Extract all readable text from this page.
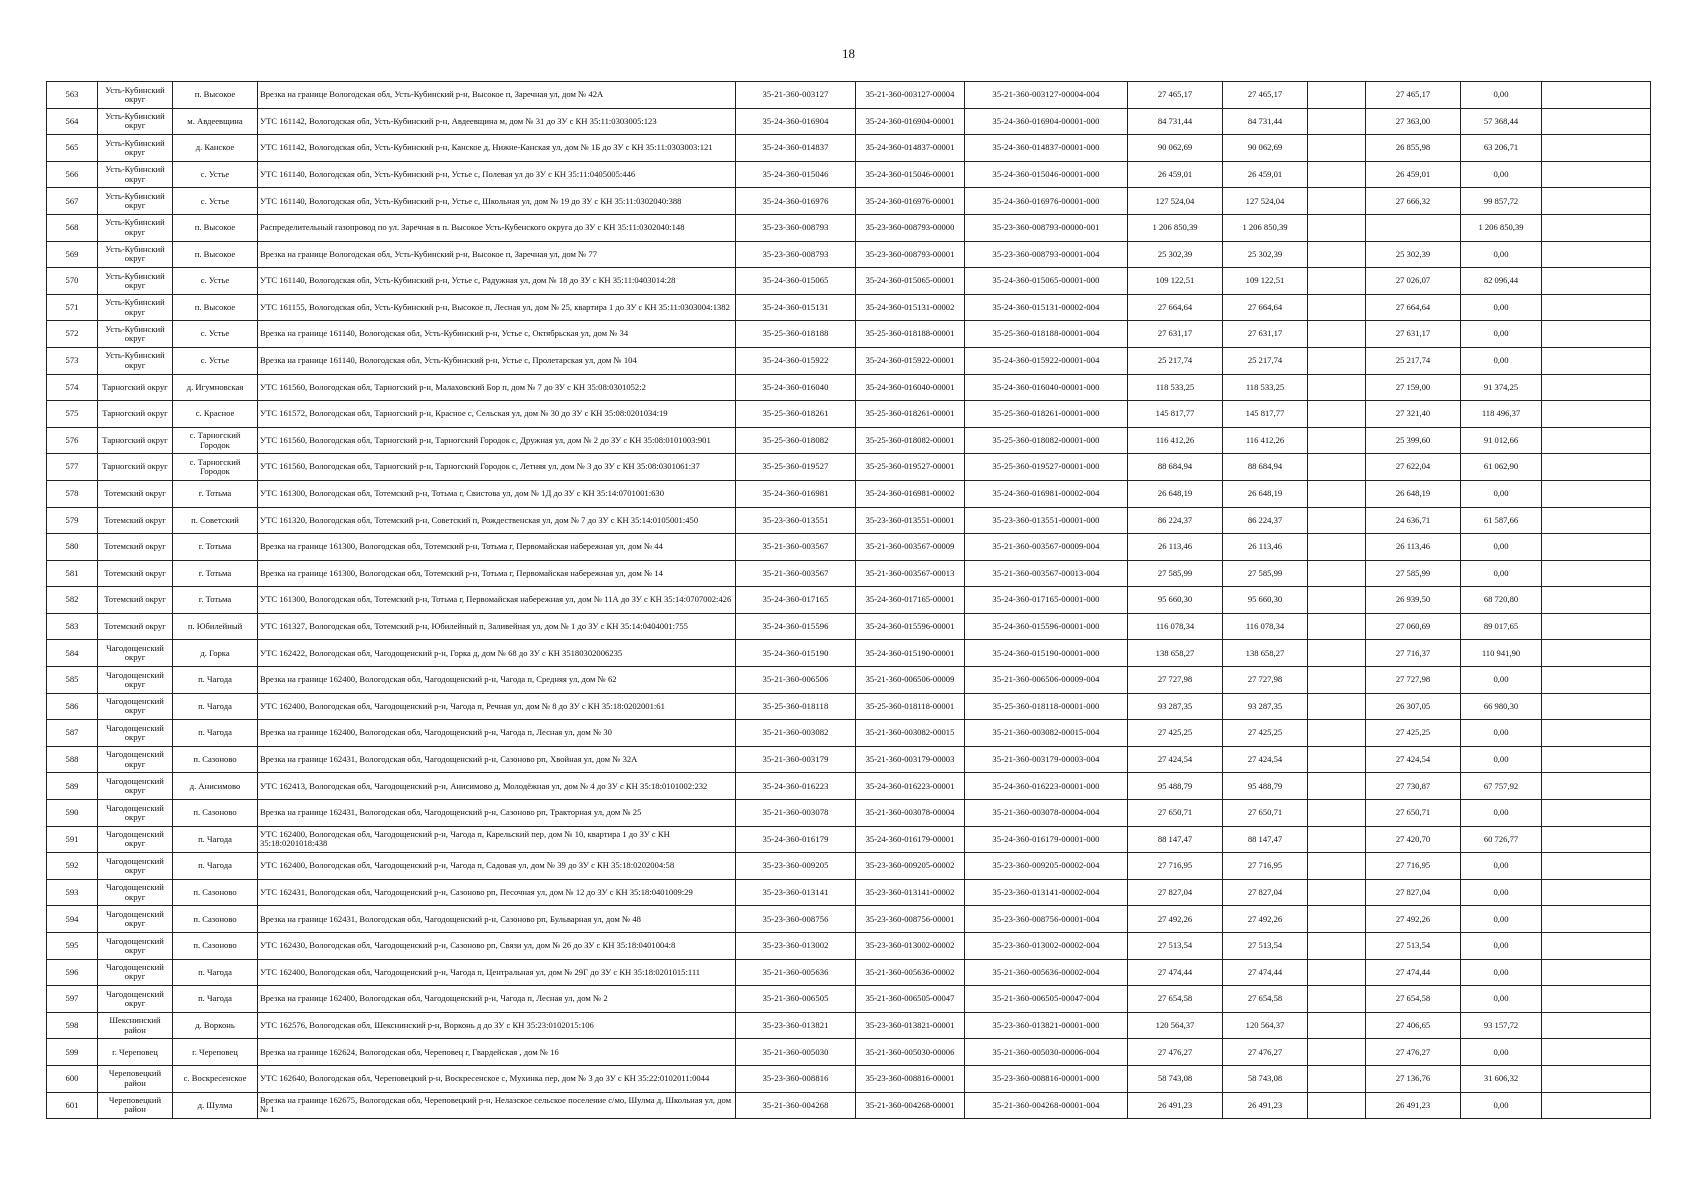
18
563	Усть-Кубинский округ	п. Высокое	Врезка на границе Вологодская обл, Усть-Кубинский р-н, Высокое п, Заречная ул, дом № 42А	35-21-360-003127	35-21-360-003127-00004	35-21-360-003127-00004-004	27 465,17	27 465,17		27 465,17	0,00	
564	Усть-Кубинский округ	м. Авдеевщина	УТС 161142, Вологодская обл, Усть-Кубинский р-н, Авдеевщина м, дом № 31 до ЗУ с КН 35:11:0303005:123	35-24-360-016904	35-24-360-016904-00001	35-24-360-016904-00001-000	84 731,44	84 731,44		27 363,00	57 368,44	
565	Усть-Кубинский округ	д. Канское	УТС 161142, Вологодская обл, Усть-Кубинский р-н, Канское д, Нижне-Канская ул, дом № 1Б до ЗУ с КН 35:11:0303003:121	35-24-360-014837	35-24-360-014837-00001	35-24-360-014837-00001-000	90 062,69	90 062,69		26 855,98	63 206,71	
566	Усть-Кубинский округ	с. Устье	УТС 161140, Вологодская обл, Усть-Кубинский р-н, Устье с, Полевая ул до ЗУ с КН 35:11:0405005:446	35-24-360-015046	35-24-360-015046-00001	35-24-360-015046-00001-000	26 459,01	26 459,01		26 459,01	0,00	
567	Усть-Кубинский округ	с. Устье	УТС 161140, Вологодская обл, Усть-Кубинский р-н, Устье с, Школьная ул, дом № 19 до ЗУ с КН 35:11:0302040:388	35-24-360-016976	35-24-360-016976-00001	35-24-360-016976-00001-000	127 524,04	127 524,04		27 666,32	99 857,72	
568	Усть-Кубинский округ	п. Высокое	Распределительный газопровод по ул. Заречная в п. Высокое Усть-Кубенского округа до ЗУ с КН 35:11:0302040:148	35-23-360-008793	35-23-360-008793-00000	35-23-360-008793-00000-001	1 206 850,39	1 206 850,39			1 206 850,39	
569	Усть-Кубинский округ	п. Высокое	Врезка на границе Вологодская обл, Усть-Кубинский р-н, Высокое п, Заречная ул, дом № 77	35-23-360-008793	35-23-360-008793-00001	35-23-360-008793-00001-004	25 302,39	25 302,39		25 302,39	0,00	
570	Усть-Кубинский округ	с. Устье	УТС 161140, Вологодская обл, Усть-Кубинский р-н, Устье с, Радужная ул, дом № 18 до ЗУ с КН 35:11:0403014:28	35-24-360-015065	35-24-360-015065-00001	35-24-360-015065-00001-000	109 122,51	109 122,51		27 026,07	82 096,44	
571	Усть-Кубинский округ	п. Высокое	УТС 161155, Вологодская обл, Усть-Кубинский р-н, Высокое п, Лесная ул, дом № 25, квартира 1 до ЗУ с КН 35:11:0303004:1382	35-24-360-015131	35-24-360-015131-00002	35-24-360-015131-00002-004	27 664,64	27 664,64		27 664,64	0,00	
572	Усть-Кубинский округ	с. Устье	Врезка на границе 161140, Вологодская обл, Усть-Кубинский р-н, Устье с, Октябрьская ул, дом № 34	35-25-360-018188	35-25-360-018188-00001	35-25-360-018188-00001-004	27 631,17	27 631,17		27 631,17	0,00	
573	Усть-Кубинский округ	с. Устье	Врезка на границе 161140, Вологодская обл, Усть-Кубинский р-н, Устье с, Пролетарская ул, дом № 104	35-24-360-015922	35-24-360-015922-00001	35-24-360-015922-00001-004	25 217,74	25 217,74		25 217,74	0,00	
574	Тарногский округ	д. Игумновская	УТС 161560, Вологодская обл, Тарногский р-н, Малаховский Бор п, дом № 7 до ЗУ с КН 35:08:0301052:2	35-24-360-016040	35-24-360-016040-00001	35-24-360-016040-00001-000	118 533,25	118 533,25		27 159,00	91 374,25	
575	Тарногский округ	с. Красное	УТС 161572, Вологодская обл, Тарногский р-н, Красное с, Сельская ул, дом № 30 до ЗУ с КН 35:08:0201034:19	35-25-360-018261	35-25-360-018261-00001	35-25-360-018261-00001-000	145 817,77	145 817,77		27 321,40	118 496,37	
576	Тарногский округ	с. Тарногский Городок	УТС 161560, Вологодская обл, Тарногский р-н, Тарногский Городок с, Дружная ул, дом № 2 до ЗУ с КН 35:08:0101003:901	35-25-360-018082	35-25-360-018082-00001	35-25-360-018082-00001-000	116 412,26	116 412,26		25 399,60	91 012,66	
577	Тарногский округ	с. Тарногский Городок	УТС 161560, Вологодская обл, Тарногский р-н, Тарногский Городок с, Летняя ул, дом № 3 до ЗУ с КН 35:08:0301061:37	35-25-360-019527	35-25-360-019527-00001	35-25-360-019527-00001-000	88 684,94	88 684,94		27 622,04	61 062,90	
578	Тотемский округ	г. Тотьма	УТС 161300, Вологодская обл, Тотемский р-н, Тотьма г, Свистова ул, дом № 1Д до ЗУ с КН 35:14:0701001:630	35-24-360-016981	35-24-360-016981-00002	35-24-360-016981-00002-004	26 648,19	26 648,19		26 648,19	0,00	
579	Тотемский округ	п. Советский	УТС 161320, Вологодская обл, Тотемский р-н, Советский п, Рождественская ул, дом № 7 до ЗУ с КН 35:14:0105001:450	35-23-360-013551	35-23-360-013551-00001	35-23-360-013551-00001-000	86 224,37	86 224,37		24 636,71	61 587,66	
580	Тотемский округ	г. Тотьма	Врезка на границе 161300, Вологодская обл, Тотемский р-н, Тотьма г, Первомайская набережная ул, дом № 44	35-21-360-003567	35-21-360-003567-00009	35-21-360-003567-00009-004	26 113,46	26 113,46		26 113,46	0,00	
581	Тотемский округ	г. Тотьма	Врезка на границе 161300, Вологодская обл, Тотемский р-н, Тотьма г, Первомайская набережная ул, дом № 14	35-21-360-003567	35-21-360-003567-00013	35-21-360-003567-00013-004	27 585,99	27 585,99		27 585,99	0,00	
582	Тотемский округ	г. Тотьма	УТС 161300, Вологодская обл, Тотемский р-н, Тотьма г, Первомайская набережная ул, дом № 11А до ЗУ с КН 35:14:0707002:426	35-24-360-017165	35-24-360-017165-00001	35-24-360-017165-00001-000	95 660,30	95 660,30		26 939,50	68 720,80	
583	Тотемский округ	п. Юбилейный	УТС 161327, Вологодская обл, Тотемский р-н, Юбилейный п, Заливейная ул, дом № 1 до ЗУ с КН 35:14:0404001:755	35-24-360-015596	35-24-360-015596-00001	35-24-360-015596-00001-000	116 078,34	116 078,34		27 060,69	89 017,65	
584	Чагодощенский округ	д. Горка	УТС 162422, Вологодская обл, Чагодощенский р-н, Горка д, дом № 68 до ЗУ с КН 35180302006235	35-24-360-015190	35-24-360-015190-00001	35-24-360-015190-00001-000	138 658,27	138 658,27		27 716,37	110 941,90	
585	Чагодощенский округ	п. Чагода	Врезка на границе 162400, Вологодская обл, Чагодощенский р-н, Чагода п, Средняя ул, дом № 62	35-21-360-006506	35-21-360-006506-00009	35-21-360-006506-00009-004	27 727,98	27 727,98		27 727,98	0,00	
586	Чагодощенский округ	п. Чагода	УТС 162400, Вологодская обл, Чагодощенский р-н, Чагода п, Речная ул, дом № 8 до ЗУ с КН 35:18:0202001:61	35-25-360-018118	35-25-360-018118-00001	35-25-360-018118-00001-000	93 287,35	93 287,35		26 307,05	66 980,30	
587	Чагодощенский округ	п. Чагода	Врезка на границе 162400, Вологодская обл, Чагодощенский р-н, Чагода п, Лесная ул, дом № 30	35-21-360-003082	35-21-360-003082-00015	35-21-360-003082-00015-004	27 425,25	27 425,25		27 425,25	0,00	
588	Чагодощенский округ	п. Сазоново	Врезка на границе 162431, Вологодская обл, Чагодощенский р-н, Сазоново рп, Хвойная ул, дом № 32А	35-21-360-003179	35-21-360-003179-00003	35-21-360-003179-00003-004	27 424,54	27 424,54		27 424,54	0,00	
589	Чагодощенский округ	д. Анисимово	УТС 162413, Вологодская обл, Чагодощенский р-н, Анисимово д, Молодёжная ул, дом № 4 до ЗУ с КН 35:18:0101002:232	35-24-360-016223	35-24-360-016223-00001	35-24-360-016223-00001-000	95 488,79	95 488,79		27 730,87	67 757,92	
590	Чагодощенский округ	п. Сазоново	Врезка на границе 162431, Вологодская обл, Чагодощенский р-н, Сазоново рп, Тракторная ул, дом № 25	35-21-360-003078	35-21-360-003078-00004	35-21-360-003078-00004-004	27 650,71	27 650,71		27 650,71	0,00	
591	Чагодощенский округ	п. Чагода	УТС 162400, Вологодская обл, Чагодощенский р-н, Чагода п, Карельский пер, дом № 10, квартира 1 до ЗУ с КН 35:18:0201018:438	35-24-360-016179	35-24-360-016179-00001	35-24-360-016179-00001-000	88 147,47	88 147,47		27 420,70	60 726,77	
592	Чагодощенский округ	п. Чагода	УТС 162400, Вологодская обл, Чагодощенский р-н, Чагода п, Садовая ул, дом № 39 до ЗУ с КН 35:18:0202004:58	35-23-360-009205	35-23-360-009205-00002	35-23-360-009205-00002-004	27 716,95	27 716,95		27 716,95	0,00	
593	Чагодощенский округ	п. Сазоново	УТС 162431, Вологодская обл, Чагодощенский р-н, Сазоново рп, Песочная ул, дом № 12 до ЗУ с КН 35:18:0401009:29	35-23-360-013141	35-23-360-013141-00002	35-23-360-013141-00002-004	27 827,04	27 827,04		27 827,04	0,00	
594	Чагодощенский округ	п. Сазоново	Врезка на границе 162431, Вологодская обл, Чагодощенский р-н, Сазоново рп, Бульварная ул, дом № 48	35-23-360-008756	35-23-360-008756-00001	35-23-360-008756-00001-004	27 492,26	27 492,26		27 492,26	0,00	
595	Чагодощенский округ	п. Сазоново	УТС 162430, Вологодская обл, Чагодощенский р-н, Сазоново рп, Связи ул, дом № 26 до ЗУ с КН 35:18:0401004:8	35-23-360-013002	35-23-360-013002-00002	35-23-360-013002-00002-004	27 513,54	27 513,54		27 513,54	0,00	
596	Чагодощенский округ	п. Чагода	УТС 162400, Вологодская обл, Чагодощенский р-н, Чагода п, Центральная ул, дом № 29Г до ЗУ с КН 35:18:0201015:111	35-21-360-005636	35-21-360-005636-00002	35-21-360-005636-00002-004	27 474,44	27 474,44		27 474,44	0,00	
597	Чагодощенский округ	п. Чагода	Врезка на границе 162400, Вологодская обл, Чагодощенский р-н, Чагода п, Лесная ул, дом № 2	35-21-360-006505	35-21-360-006505-00047	35-21-360-006505-00047-004	27 654,58	27 654,58		27 654,58	0,00	
598	Шекснинский район	д. Ворконь	УТС 162576, Вологодская обл, Шекснинский р-н, Ворконь д до ЗУ с КН 35:23:0102015:106	35-23-360-013821	35-23-360-013821-00001	35-23-360-013821-00001-000	120 564,37	120 564,37		27 406,65	93 157,72	
599	г. Череповец	г. Череповец	Врезка на границе 162624, Вологодская обл, Череповец г, Гвардейская , дом № 16	35-21-360-005030	35-21-360-005030-00006	35-21-360-005030-00006-004	27 476,27	27 476,27		27 476,27	0,00	
600	Череповецкий район	с. Воскресенское	УТС 162640, Вологодская обл, Череповецкий р-н, Воскресенское с, Мухинка пер, дом № 3 до ЗУ с КН 35:22:0102011:0044	35-23-360-008816	35-23-360-008816-00001	35-23-360-008816-00001-000	58 743,08	58 743,08		27 136,76	31 606,32	
601	Череповецкий район	д. Шулма	Врезка на границе 162675, Вологодская обл, Череповецкий р-н, Нелазское сельское поселение с/мо, Шулма д, Школьная ул, дом № 1	35-21-360-004268	35-21-360-004268-00001	35-21-360-004268-00001-004	26 491,23	26 491,23		26 491,23	0,00	
